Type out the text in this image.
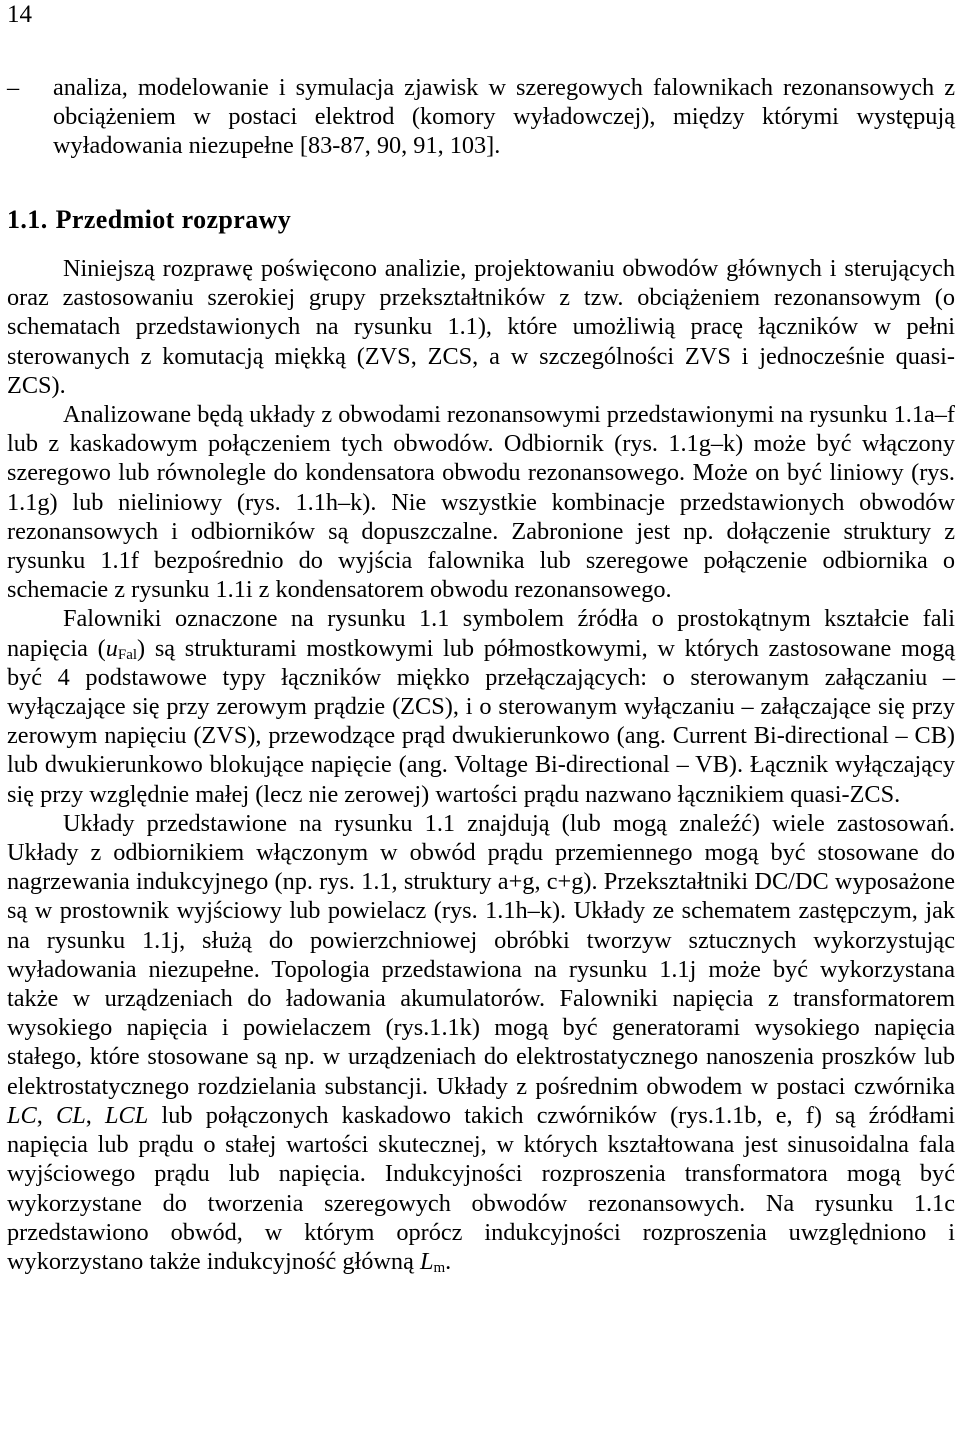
14
– analiza, modelowanie i symulacja zjawisk w szeregowych falownikach rezonansowych z obciążeniem w postaci elektrod (komory wyładowczej), między którymi występują wyładowania niezupełne [83-87, 90, 91, 103].
1.1. Przedmiot rozprawy

Niniejszą rozprawę poświęcono analizie, projektowaniu obwodów głównych i sterujących oraz zastosowaniu szerokiej grupy przekształtników z tzw. obciążeniem rezonansowym (o schematach przedstawionych na rysunku 1.1), które umożliwią pracę łączników w pełni sterowanych z komutacją miękką (ZVS, ZCS, a w szczególności ZVS i jednocześnie quasi-ZCS).

Analizowane będą układy z obwodami rezonansowymi przedstawionymi na rysunku 1.1a–f lub z kaskadowym połączeniem tych obwodów. Odbiornik (rys. 1.1g–k) może być włączony szeregowo lub równolegle do kondensatora obwodu rezonansowego. Może on być liniowy (rys. 1.1g) lub nieliniowy (rys. 1.1h–k). Nie wszystkie kombinacje przedstawionych obwodów rezonansowych i odbiorników są dopuszczalne. Zabronione jest np. dołączenie struktury z rysunku 1.1f bezpośrednio do wyjścia falownika lub szeregowe połączenie odbiornika o schemacie z rysunku 1.1i z kondensatorem obwodu rezonansowego.

Falowniki oznaczone na rysunku 1.1 symbolem źródła o prostokątnym kształcie fali napięcia $(u_{Fal})$ są strukturami mostkowymi lub półmostkowymi, w których zastosowane mogą być 4 podstawowe typy łączników miękko przełączających: o sterowanym załączaniu – wyłączające się przy zerowym prądzie (ZCS), i o sterowanym wyłączaniu – załączające się przy zerowym napięciu (ZVS), przewodzące prąd dwukierunkowo (ang. Current Bi-directional – CB) lub dwukierunkowo blokujące napięcie (ang. Voltage Bi-directional – VB). Łącznik wyłączający się przy względnie małej (lecz nie zerowej) wartości prądu nazwano łącznikiem quasi-ZCS.

Układy przedstawione na rysunku 1.1 znajdują (lub mogą znaleźć) wiele zastosowań. Układy z odbiornikiem włączonym w obwód prądu przemiennego mogą być stosowane do nagrzewania indukcyjnego (np. rys. 1.1, struktury a+g, c+g). Przekształtniki DC/DC wyposażone są w prostownik wyjściowy lub powielacz (rys. 1.1h–k). Układy ze schematem zastępczym, jak na rysunku 1.1j, służą do powierzchniowej obróbki tworzyw sztucznych wykorzystując wyładowania niezupełne. Topologia przedstawiona na rysunku 1.1j może być wykorzystana także w urządzeniach do ładowania akumulatorów. Falowniki napięcia z transformatorem wysokiego napięcia i powielaczem (rys.1.1k) mogą być generatorami wysokiego napięcia stałego, które stosowane są np. w urządzeniach do elektrostatycznego nanoszenia proszków lub elektrostatycznego rozdzielania substancji. Układy z pośrednim obwodem w postaci czwórnika LC, CL, LCL lub połączonych kaskadowo takich czwórników (rys.1.1b, e, f) są źródłami napięcia lub prądu o stałej wartości skutecznej, w których kształtowana jest sinusoidalna fala wyjściowego prądu lub napięcia. Indukcyjności rozproszenia transformatora mogą być wykorzystane do tworzenia szeregowych obwodów rezonansowych. Na rysunku 1.1c przedstawiono obwód, w którym oprócz indukcyjności rozproszenia uwzględniono i wykorzystano także indukcyjność główną $L_m$.
